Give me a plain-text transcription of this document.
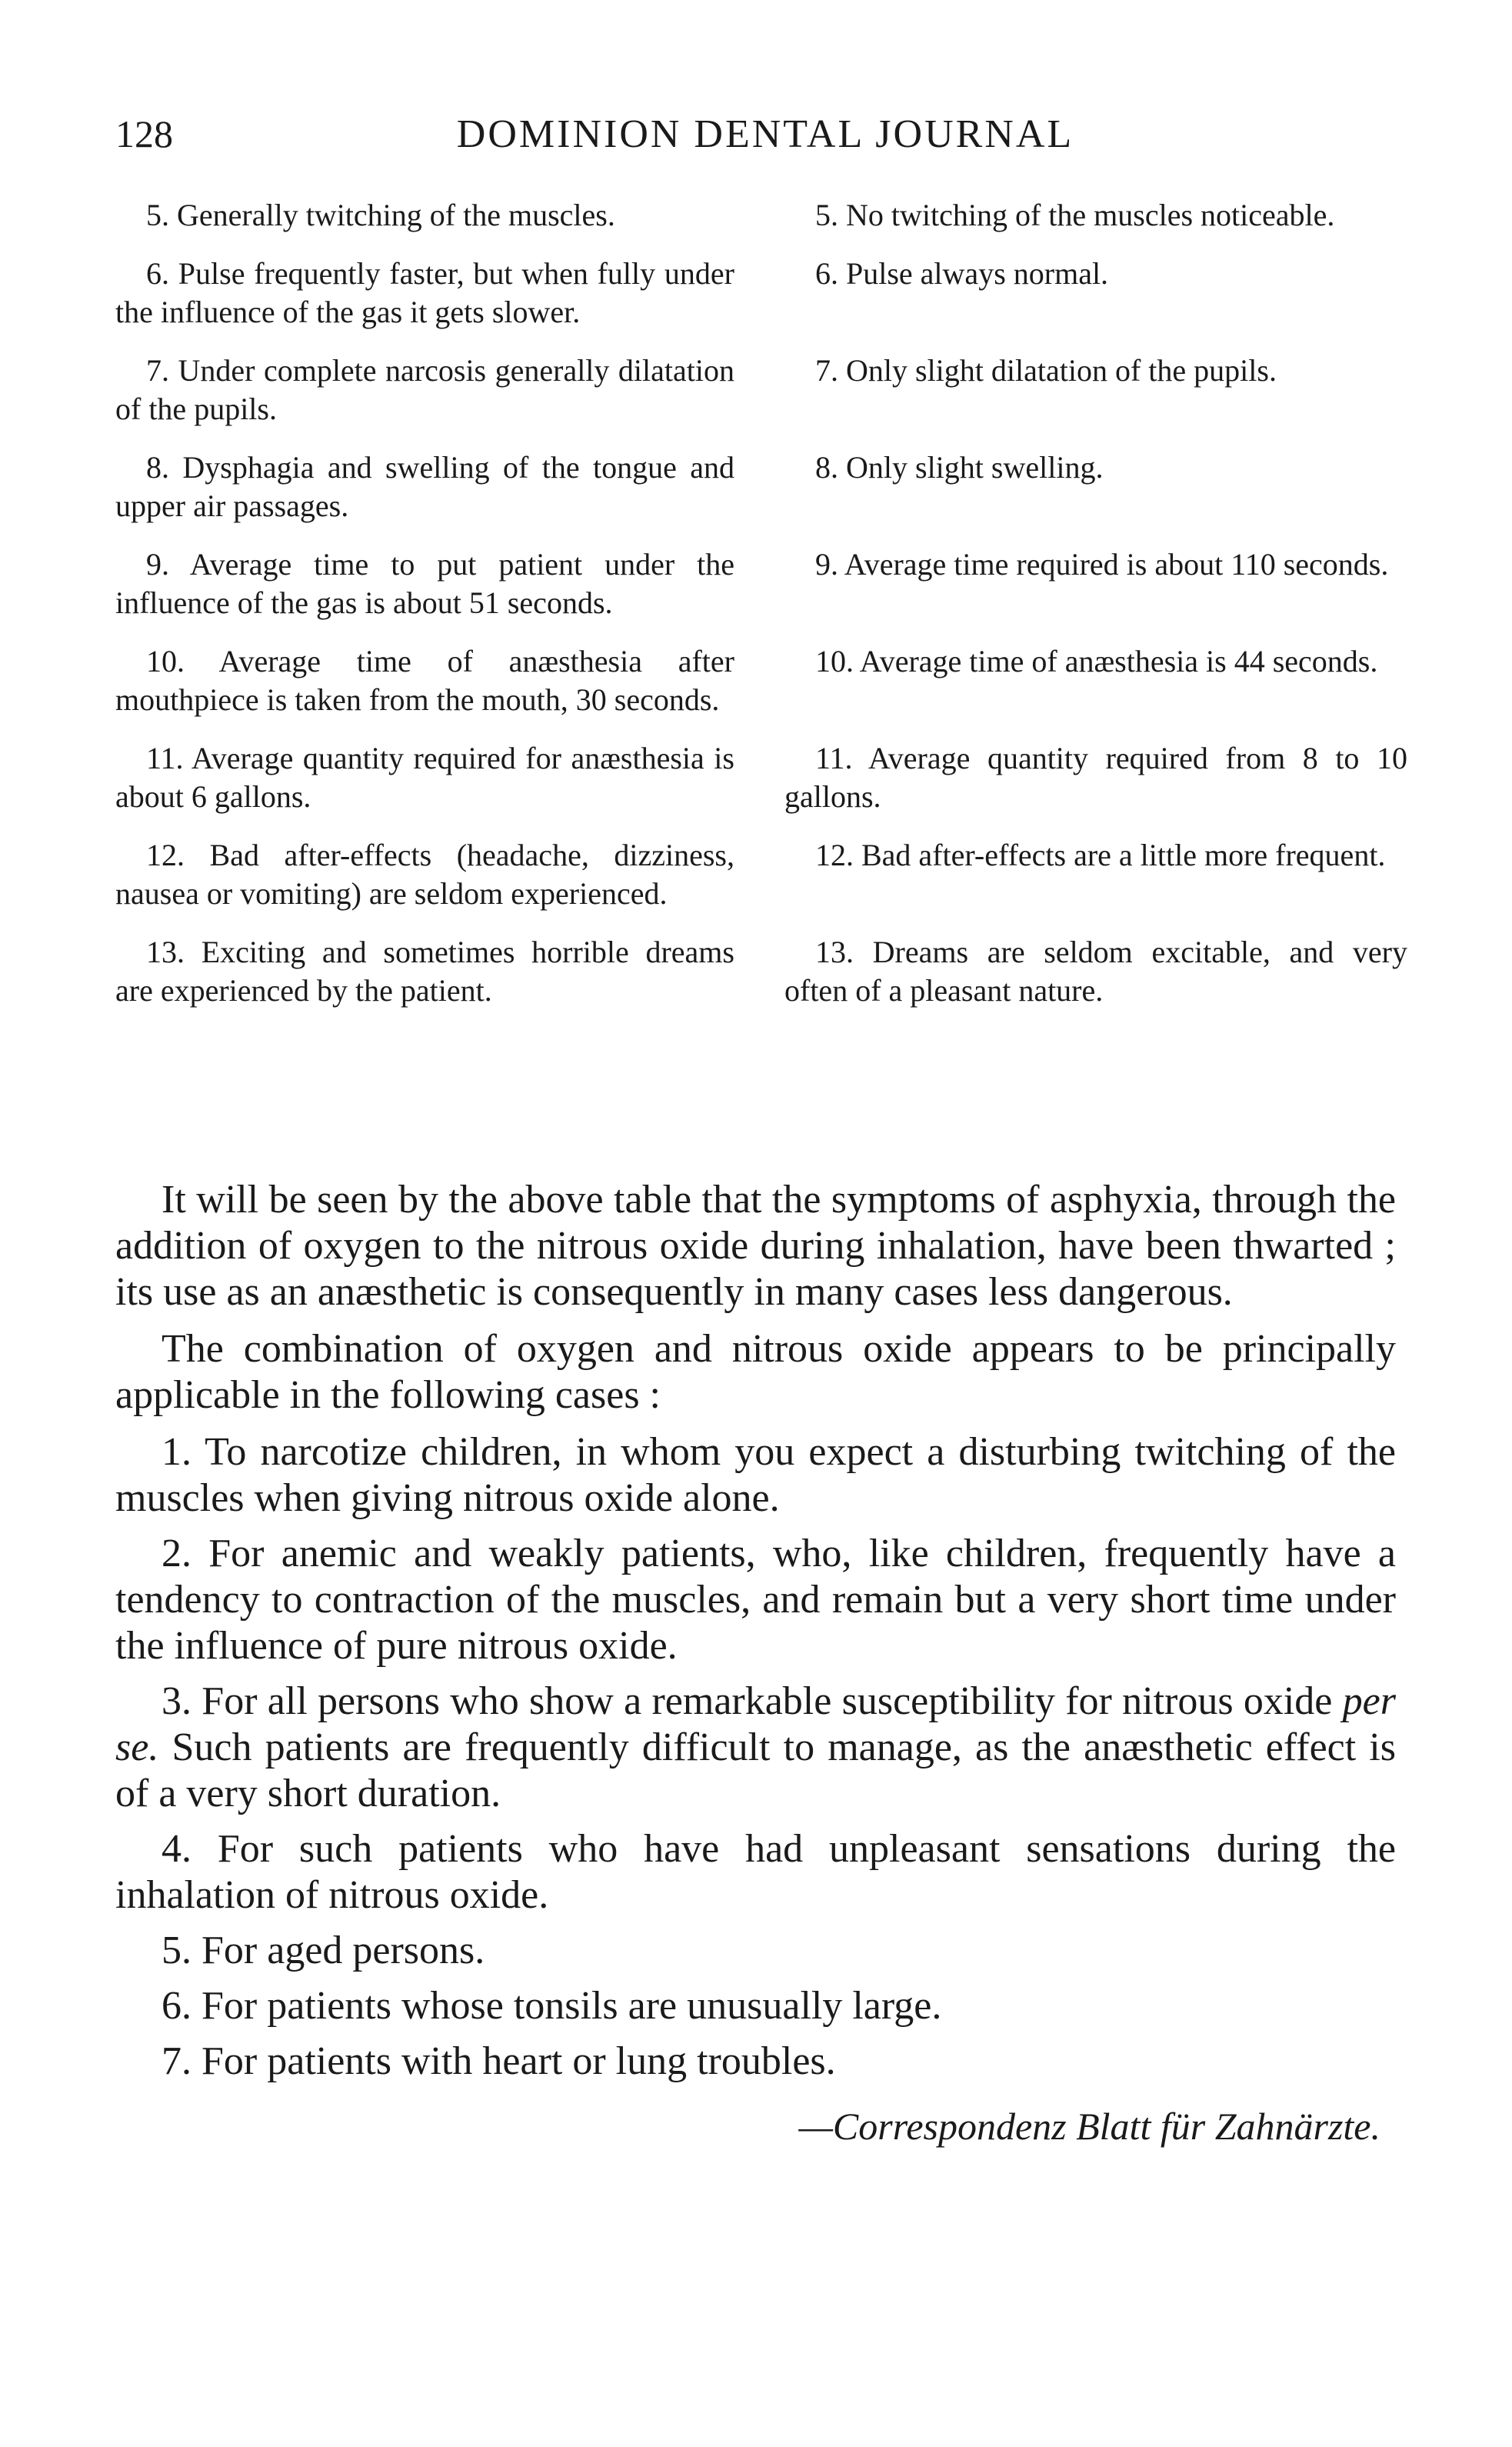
128	DOMINION DENTAL JOURNAL
5. Generally twitching of the muscles.	5. No twitching of the muscles noticeable.
6. Pulse frequently faster, but when fully under the influence of the gas it gets slower.
6. Pulse always normal.
7. Under complete narcosis generally dilatation of the pupils.
7. Only slight dilatation of the pupils.
8. Dysphagia and swelling of the tongue and upper air passages.
8. Only slight swelling.
9. Average time to put patient under the influence of the gas is about 51 seconds.
9. Average time required is about 110 seconds.
10. Average time of anæsthesia after mouthpiece is taken from the mouth, 30 seconds.
10. Average time of anæsthesia is 44 seconds.
11. Average quantity required for anæsthesia is about 6 gallons.
11. Average quantity required from 8 to 10 gallons.
12. Bad after-effects (headache, dizziness, nausea or vomiting) are seldom experienced.
12. Bad after-effects are a little more frequent.
13. Exciting and sometimes horrible dreams are experienced by the patient.
13. Dreams are seldom excitable, and very often of a pleasant nature.

It will be seen by the above table that the symptoms of asphyxia, through the addition of oxygen to the nitrous oxide during inhalation, have been thwarted ; its use as an anæsthetic is consequently in many cases less dangerous.

The combination of oxygen and nitrous oxide appears to be principally applicable in the following cases :

1. To narcotize children, in whom you expect a disturbing twitching of the muscles when giving nitrous oxide alone.

2. For anemic and weakly patients, who, like children, frequently have a tendency to contraction of the muscles, and remain but a very short time under the influence of pure nitrous oxide.

3. For all persons who show a remarkable susceptibility for nitrous oxide per se. Such patients are frequently difficult to manage, as the anæsthetic effect is of a very short duration.

4. For such patients who have had unpleasant sensations during the inhalation of nitrous oxide.

5. For aged persons.

6. For patients whose tonsils are unusually large.

7. For patients with heart or lung troubles.

—Correspondenz Blatt für Zahnärzte.
